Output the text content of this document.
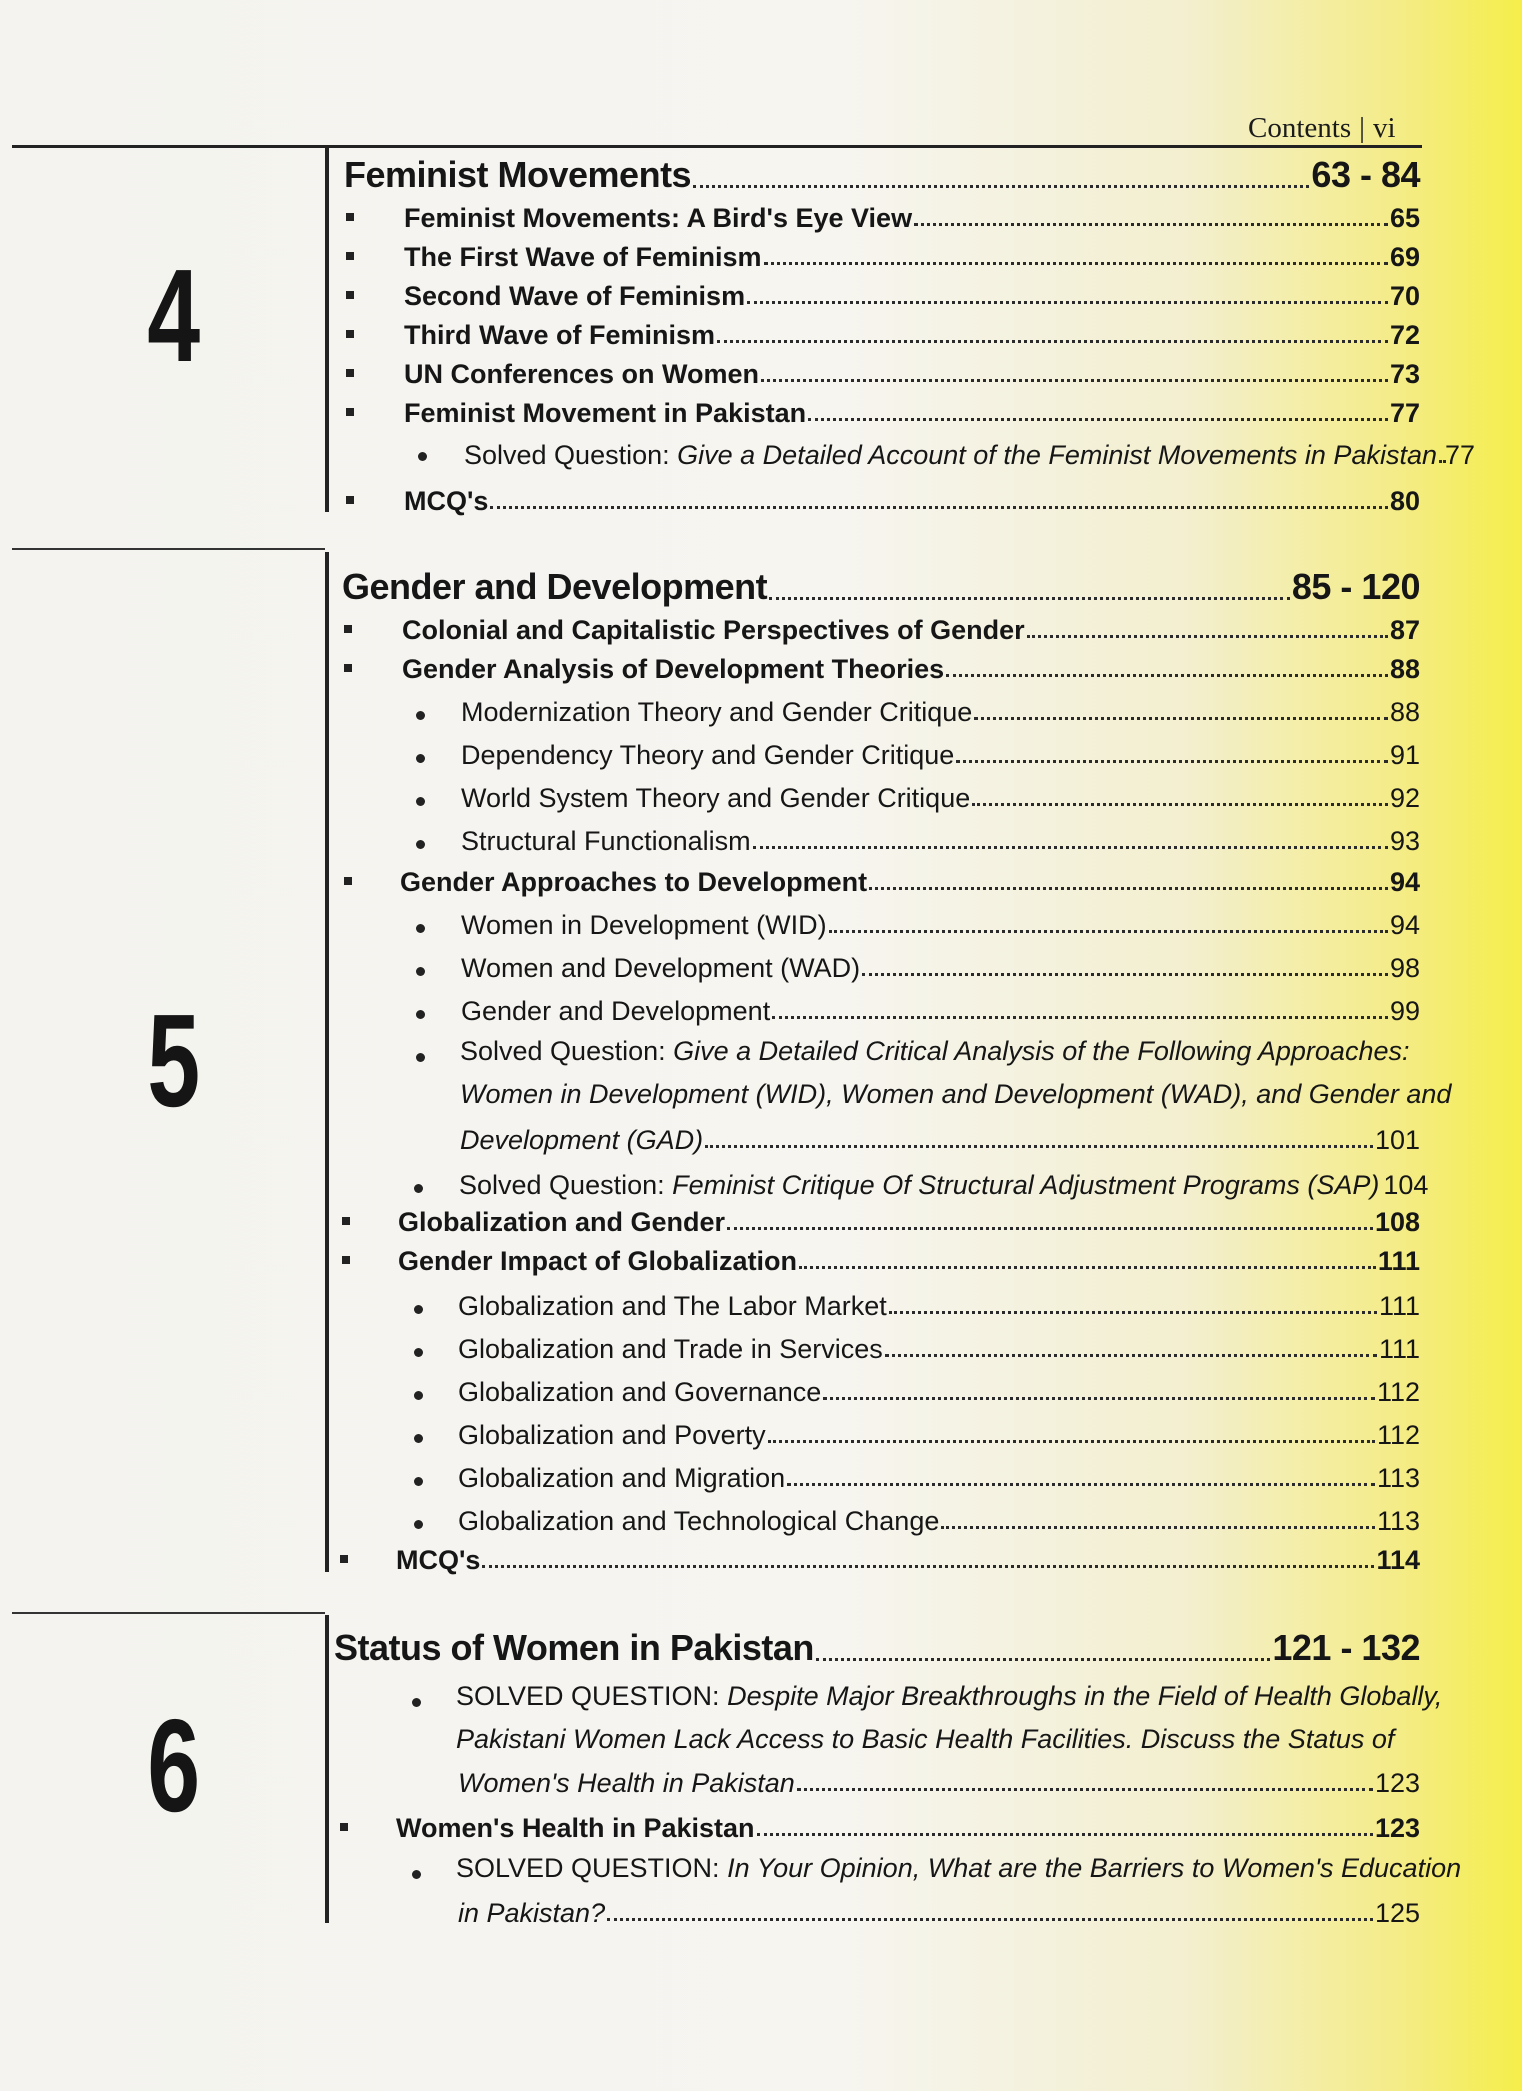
Contents | vi
4
5
6
Feminist Movements	63 - 84
Feminist Movements: A Bird's Eye View	65
The First Wave of Feminism	69
Second Wave of Feminism	70
Third Wave of Feminism	72
UN Conferences on Women	73
Feminist Movement in Pakistan	77
Solved Question: Give a Detailed Account of the Feminist Movements in Pakistan 77
MCQ's	80
Gender and Development	85 - 120
Colonial and Capitalistic Perspectives of Gender	87
Gender Analysis of Development Theories	88
Modernization Theory and Gender Critique	88
Dependency Theory and Gender Critique	91
World System Theory and Gender Critique	92
Structural Functionalism	93
Gender Approaches to Development	94
Women in Development (WID)	94
Women and Development (WAD)	98
Gender and Development	99
Solved Question: Give a Detailed Critical Analysis of the Following Approaches:
Women in Development (WID), Women and Development (WAD), and Gender and
Development (GAD)	101
Solved Question: Feminist Critique Of Structural Adjustment Programs (SAP) 104
Globalization and Gender	108
Gender Impact of Globalization	111
Globalization and The Labor Market	111
Globalization and Trade in Services	111
Globalization and Governance	112
Globalization and Poverty	112
Globalization and Migration	113
Globalization and Technological Change	113
MCQ's	114
Status of Women in Pakistan	121 - 132
SOLVED QUESTION: Despite Major Breakthroughs in the Field of Health Globally,
Pakistani Women Lack Access to Basic Health Facilities. Discuss the Status of
Women's Health in Pakistan	123
Women's Health in Pakistan	123
SOLVED QUESTION: In Your Opinion, What are the Barriers to Women's Education
in Pakistan?	125
